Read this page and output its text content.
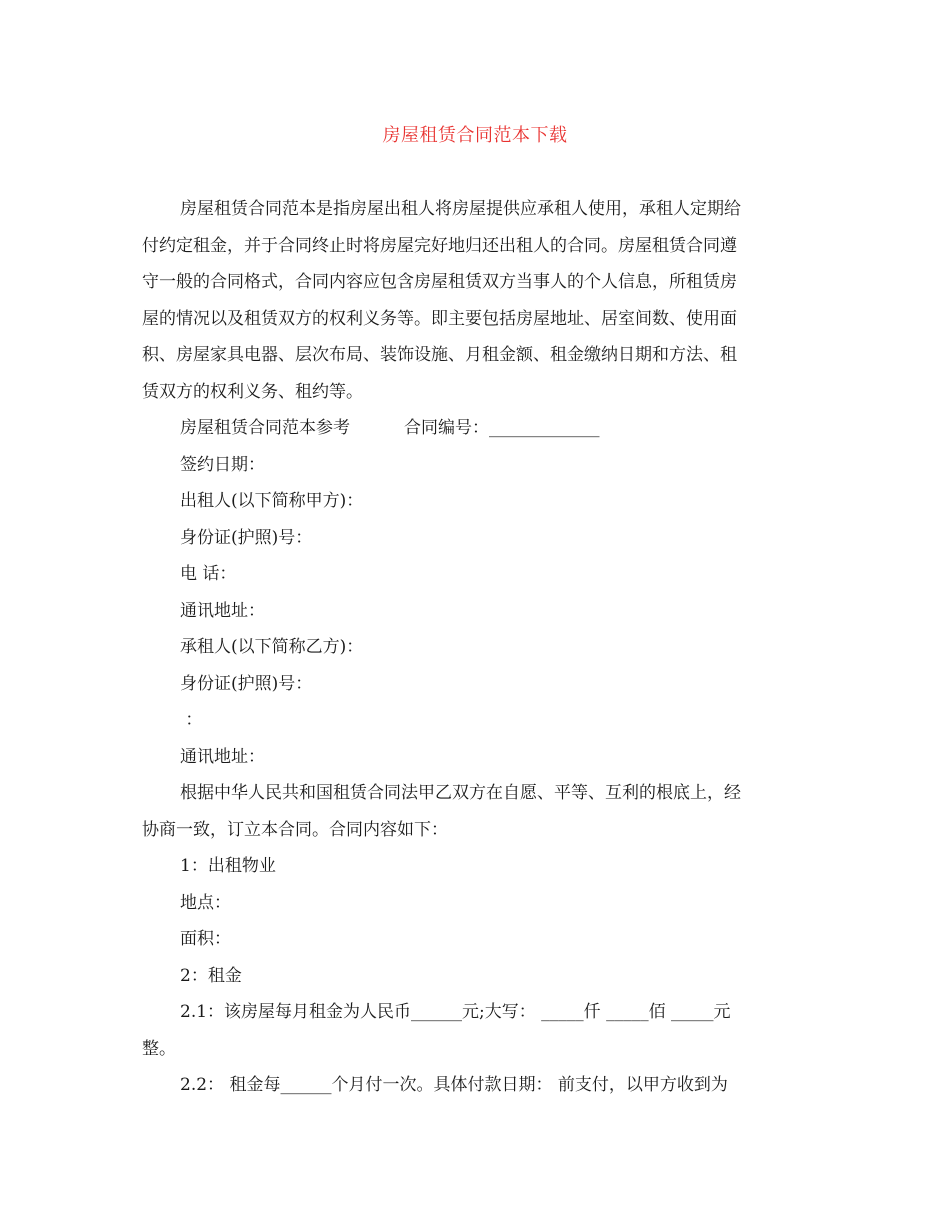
房屋租赁合同范本下载

房屋租赁合同范本是指房屋出租人将房屋提供应承租人使用，承租人定期给

付约定租金，并于合同终止时将房屋完好地归还出租人的合同。房屋租赁合同遵
守一般的合同格式，合同内容应包含房屋租赁双方当事人的个人信息，所租赁房
屋的情况以及租赁双方的权利义务等。即主要包括房屋地址、居室间数、使用面
积、房屋家具电器、层次布局、装饰设施、月租金额、租金缴纳日期和方法、租
赁双方的权利义务、租约等。

房屋租赁合同范本参考          合同编号：_____________

签约日期：

出租人(以下简称甲方)：

身份证(护照)号：

电 话：

通讯地址：

承租人(以下简称乙方)：

身份证(护照)号：

：

通讯地址：

根据中华人民共和国租赁合同法甲乙双方在自愿、平等、互利的根底上，经

协商一致，订立本合同。合同内容如下：

1：出租物业

地点：

面积：

2：租金

2.1：该房屋每月租金为人民币______元;大写： _____仟 _____佰 _____元

整。

2.2： 租金每______个月付一次。具体付款日期： 前支付，以甲方收到为
